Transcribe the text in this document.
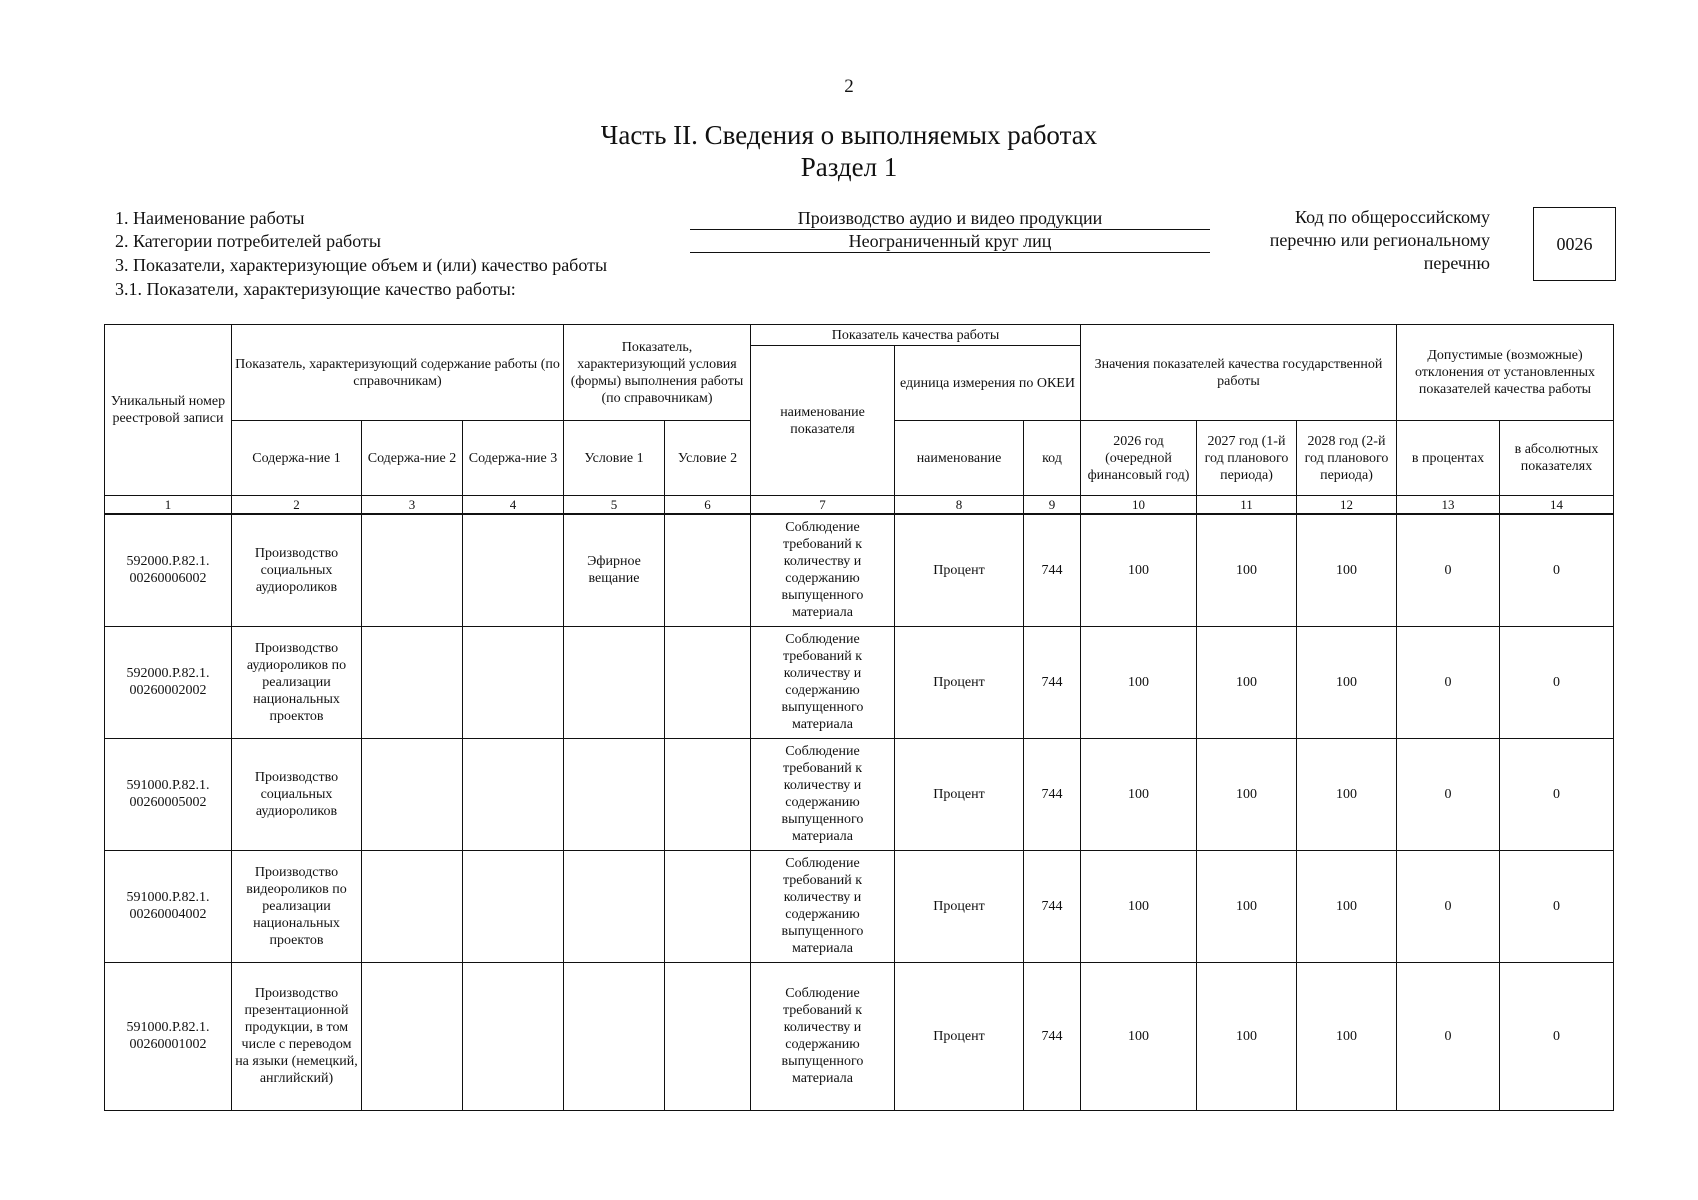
2
Часть II. Сведения о выполняемых работах
Раздел 1
1. Наименование работы	Производство аудио и видео продукции
2. Категории потребителей работы	Неограниченный круг лиц
3. Показатели, характеризующие объем и (или) качество работы
3.1. Показатели, характеризующие качество работы:
Код по общероссийскому
перечню или региональному
перечню
0026
Уникальный номер реестровой записи	Показатель, характеризующий содержание работы (по справочникам)			Показатель, характеризующий условия (формы) выполнения работы (по справочникам)		Показатель качества работы			Значения показателей качества государственной работы			Допустимые (возможные) отклонения от установленных показателей качества работы	
						наименование показателя	единица измерения по ОКЕИ						
	Содержа-ние 1	Содержа-ние 2	Содержа-ние 3	Условие 1	Условие 2		наименование	код	2026 год (очередной финансовый год)	2027 год (1-й год планового периода)	2028 год (2-й год планового периода)	в процентах	в абсолютных показателях
1	2	3	4	5	6	7	8	9	10	11	12	13	14
592000.Р.82.1. 00260006002	Производство социальных аудиороликов			Эфирное вещание		Соблюдение требований к количеству и содержанию выпущенного материала	Процент	744	100	100	100	0	0
592000.Р.82.1. 00260002002	Производство аудиороликов по реализации национальных проектов					Соблюдение требований к количеству и содержанию выпущенного материала	Процент	744	100	100	100	0	0
591000.Р.82.1. 00260005002	Производство социальных аудиороликов					Соблюдение требований к количеству и содержанию выпущенного материала	Процент	744	100	100	100	0	0
591000.Р.82.1. 00260004002	Производство видеороликов по реализации национальных проектов					Соблюдение требований к количеству и содержанию выпущенного материала	Процент	744	100	100	100	0	0
591000.Р.82.1. 00260001002	Производство презентационной продукции, в том числе с переводом на языки (немецкий, английский)					Соблюдение требований к количеству и содержанию выпущенного материала	Процент	744	100	100	100	0	0
